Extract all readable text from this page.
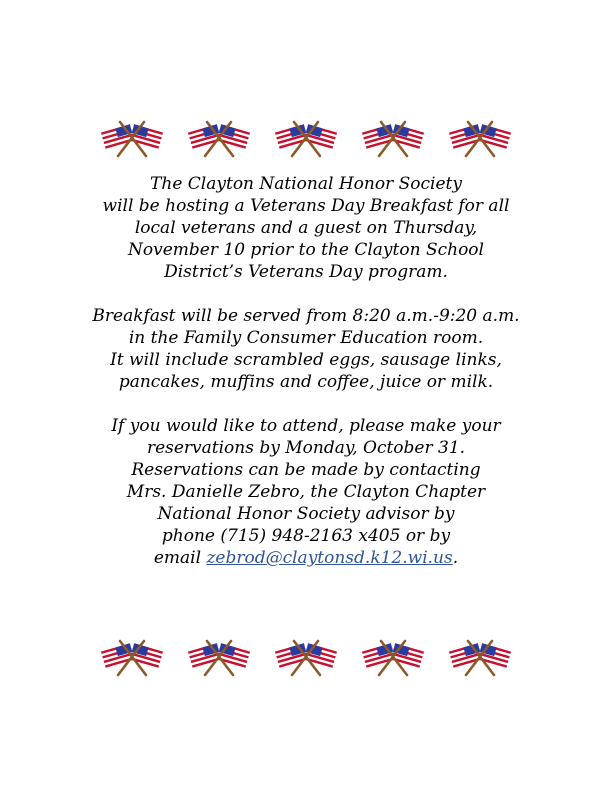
The Clayton National Honor Society
will be hosting a Veterans Day Breakfast for all
local veterans and a guest on Thursday,
November 10 prior to the Clayton School
District’s Veterans Day program.

Breakfast will be served from 8:20 a.m.-9:20 a.m.
in the Family Consumer Education room.
It will include scrambled eggs, sausage links,
pancakes, muffins and coffee, juice or milk.

If you would like to attend, please make your
reservations by Monday, October 31.
Reservations can be made by contacting
Mrs. Danielle Zebro, the Clayton Chapter
National Honor Society advisor by
phone (715) 948-2163 x405 or by
email zebrod@claytonsd.k12.wi.us.
